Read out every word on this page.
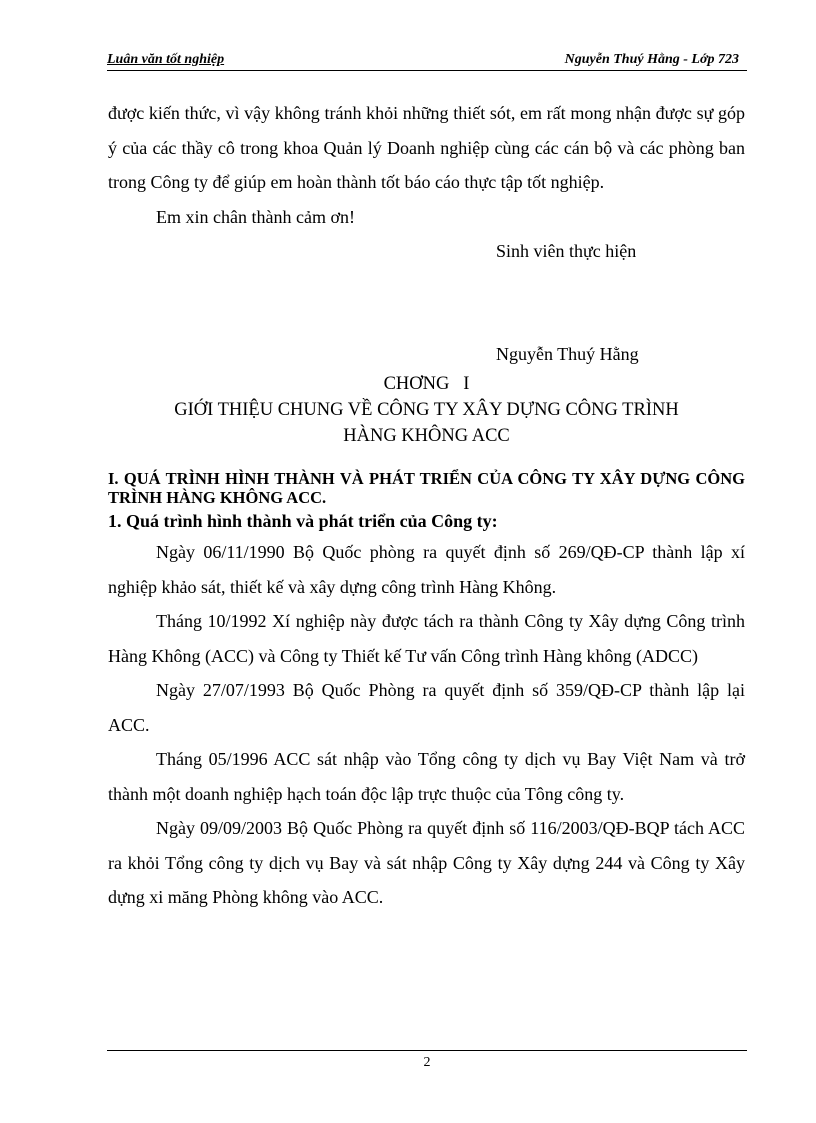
Luân văn tốt nghiệp	Nguyễn Thuý Hằng - Lớp 723

được kiến thức, vì vậy không tránh khỏi những thiết sót, em rất mong nhận được sự góp ý của các thầy cô trong khoa Quản lý Doanh nghiệp cùng các cán bộ và các phòng ban trong Công ty để giúp em hoàn thành tốt báo cáo thực tập tốt nghiệp.

Em xin chân thành cảm ơn!

Sinh viên thực hiện

Nguyễn Thuý Hằng

CHƠNG   I
GIỚI THIỆU CHUNG VỀ CÔNG TY XÂY DỰNG CÔNG TRÌNH
HÀNG KHÔNG ACC

I. QUÁ TRÌNH HÌNH THÀNH VÀ PHÁT TRIỂN CỦA CÔNG TY XÂY DỰNG CÔNG TRÌNH HÀNG KHÔNG ACC.

1. Quá trình hình thành và phát triển của Công ty:

Ngày 06/11/1990 Bộ Quốc phòng ra quyết định số 269/QĐ-CP thành lập xí nghiệp khảo sát, thiết kế và xây dựng công trình Hàng Không.

Tháng 10/1992 Xí nghiệp này được tách ra thành Công ty Xây dựng Công trình Hàng Không (ACC) và Công ty Thiết kế Tư vấn Công trình Hàng không (ADCC)

Ngày 27/07/1993 Bộ Quốc Phòng ra quyết định số 359/QĐ-CP thành lập lại ACC.

Tháng 05/1996 ACC sát nhập vào Tổng công ty dịch vụ Bay Việt Nam và trở thành một doanh nghiệp hạch toán độc lập trực thuộc của Tông công ty.

Ngày 09/09/2003 Bộ Quốc Phòng ra quyết định số 116/2003/QĐ-BQP tách ACC ra khỏi Tổng công ty dịch vụ Bay và sát nhập Công ty Xây dựng 244 và Công ty Xây dựng xi măng Phòng không vào ACC.

2
